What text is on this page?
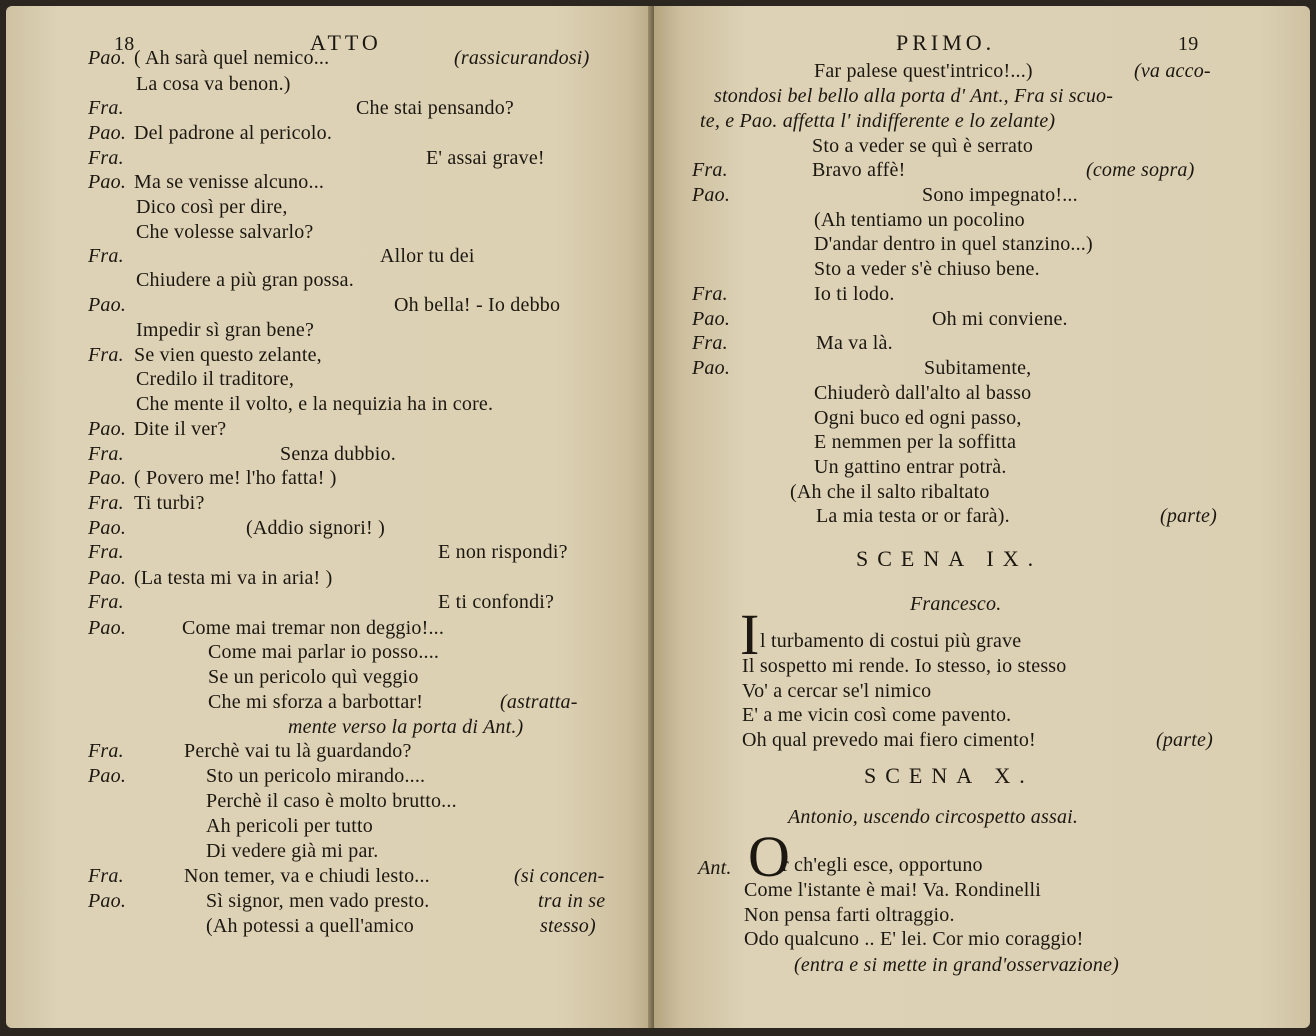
18	ATTO
Pao. ( Ah sarà quel nemico...	(rassicurandosi)
La cosa va benon.)
Fra.	Che stai pensando?
Pao. Del padrone al pericolo.
Fra.	E' assai grave!
Pao. Ma se venisse alcuno...
Dico così per dire,
Che volesse salvarlo?
Fra.	Allor tu dei
Chiudere a più gran possa.
Pao.	Oh bella! - Io debbo
Impedir sì gran bene?
Fra. Se vien questo zelante,
Credilo il traditore,
Che mente il volto, e la nequizia ha in core.
Pao. Dite il ver?
Fra.	Senza dubbio.
Pao. ( Povero me! l'ho fatta! )
Fra. Ti turbi?
Pao.	(Addio signori! )
Fra.	E non rispondi?
Pao. (La testa mi va in aria! )
Fra.	E ti confondi?
Pao.	Come mai tremar non deggio!...
Come mai parlar io posso....
Se un pericolo quì veggio
Che mi sforza a barbottar!	(astratta-
mente verso la porta di Ant.)
Fra.	Perchè vai tu là guardando?
Pao.	Sto un pericolo mirando....
Perchè il caso è molto brutto...
Ah pericoli per tutto
Di vedere già mi par.
Fra.	Non temer, va e chiudi lesto...	(si concen-
Pao.	Sì signor, men vado presto.	tra in se
(Ah potessi a quell'amico	stesso)
PRIMO.	19
Far palese quest'intrico!...)	(va acco-
stondosi bel bello alla porta d' Ant., Fra si scuo-
te, e Pao. affetta l' indifferente e lo zelante)
Sto a veder se quì è serrato
Fra.	Bravo affè!	(come sopra)
Pao.	Sono impegnato!...
(Ah tentiamo un pocolino
D'andar dentro in quel stanzino...)
Sto a veder s'è chiuso bene.
Fra.	Io ti lodo.
Pao.	Oh mi conviene.
Fra.	Ma va là.
Pao.	Subitamente,
Chiuderò dall'alto al basso
Ogni buco ed ogni passo,
E nemmen per la soffitta
Un gattino entrar potrà.
(Ah che il salto ribaltato
La mia testa or or farà).	(parte)
SCENA IX.
Francesco.
I l turbamento di costui più grave
Il sospetto mi rende. Io stesso, io stesso
Vo' a cercar se'l nimico
E' a me vicin così come pavento.
Oh qual prevedo mai fiero cimento!	(parte)
SCENA X.
Antonio, uscendo circospetto assai.
Ant. O
r ch'egli esce, opportuno
Come l'istante è mai! Va. Rondinelli
Non pensa farti oltraggio.
Odo qualcuno .. E' lei. Cor mio coraggio!
(entra e si mette in grand'osservazione)
